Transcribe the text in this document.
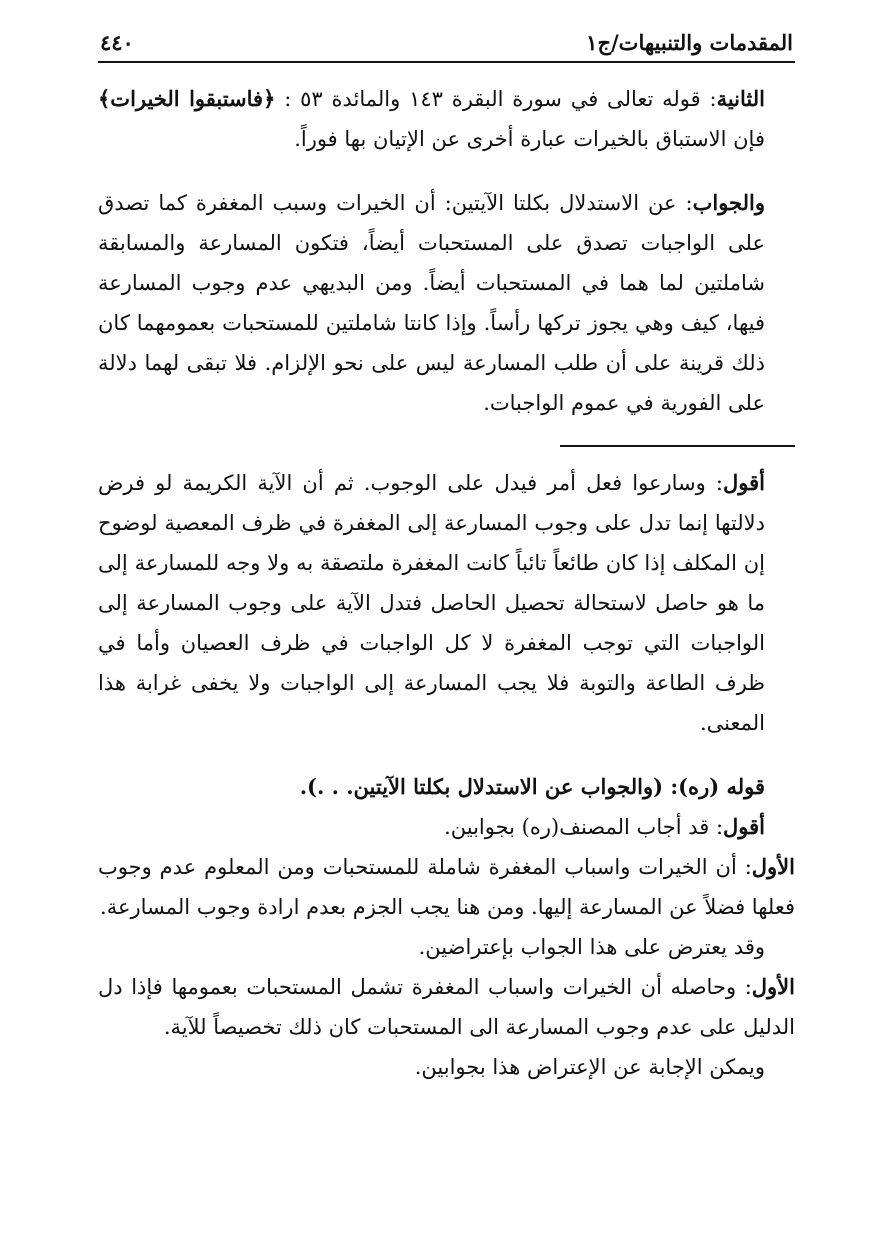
المقدمات والتنبيهات/ج١
٤٤٠

الثانية: قوله تعالى في سورة البقرة ١٤٣ والمائدة ٥٣ : ﴿فاستبقوا الخيرات﴾ فإن الاستباق بالخيرات عبارة أخرى عن الإتيان بها فوراً.

والجواب: عن الاستدلال بكلتا الآيتين: أن الخيرات وسبب المغفرة كما تصدق على الواجبات تصدق على المستحبات أيضاً، فتكون المسارعة والمسابقة شاملتين لما هما في المستحبات أيضاً. ومن البديهي عدم وجوب المسارعة فيها، كيف وهي يجوز تركها رأساً. وإذا كانتا شاملتين للمستحبات بعمومهما كان ذلك قرينة على أن طلب المسارعة ليس على نحو الإلزام. فلا تبقى لهما دلالة على الفورية في عموم الواجبات.

أقول: وسارعوا فعل أمر فيدل على الوجوب. ثم أن الآية الكريمة لو فرض دلالتها إنما تدل على وجوب المسارعة إلى المغفرة في ظرف المعصية لوضوح إن المكلف إذا كان طائعاً تائباً كانت المغفرة ملتصقة به ولا وجه للمسارعة إلى ما هو حاصل لاستحالة تحصيل الحاصل فتدل الآية على وجوب المسارعة إلى الواجبات التي توجب المغفرة لا كل الواجبات في ظرف العصيان وأما في ظرف الطاعة والتوبة فلا يجب المسارعة إلى الواجبات ولا يخفى غرابة هذا المعنى.

قوله (ره): (والجواب عن الاستدلال بكلتا الآيتين. . .).

أقول: قد أجاب المصنف(ره) بجوابين.

الأول: أن الخيرات واسباب المغفرة شاملة للمستحبات ومن المعلوم عدم وجوب فعلها فضلاً عن المسارعة إليها. ومن هنا يجب الجزم بعدم ارادة وجوب المسارعة.

وقد يعترض على هذا الجواب بإعتراضين.

الأول: وحاصله أن الخيرات واسباب المغفرة تشمل المستحبات بعمومها فإذا دل الدليل على عدم وجوب المسارعة الى المستحبات كان ذلك تخصيصاً للآية.

ويمكن الإجابة عن الإعتراض هذا بجوابين.
